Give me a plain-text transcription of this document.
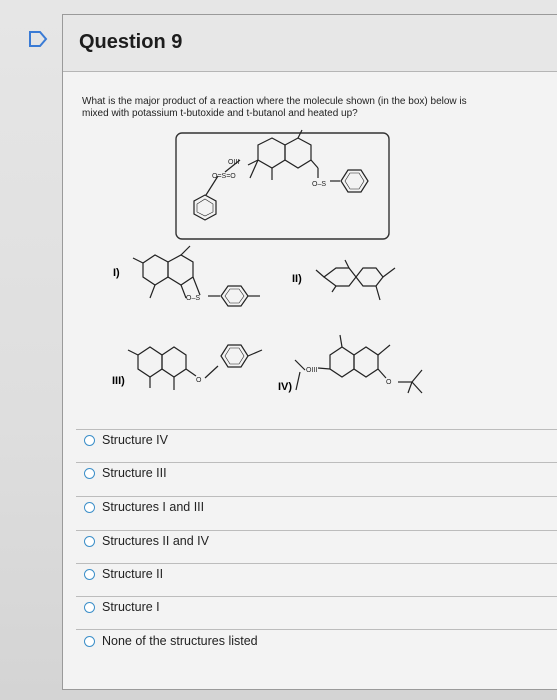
Question 9
What is the major product of a reaction where the molecule shown (in the box) below is
mixed with potassium t-butoxide and t-butanol and heated up?
OIII
O=S=O
O–S
O–S
O
OIII
O
I)	II)
III)	IV)
Structure IV
Structure III
Structures I and III
Structures II and IV
Structure II
Structure I
None of the structures listed
